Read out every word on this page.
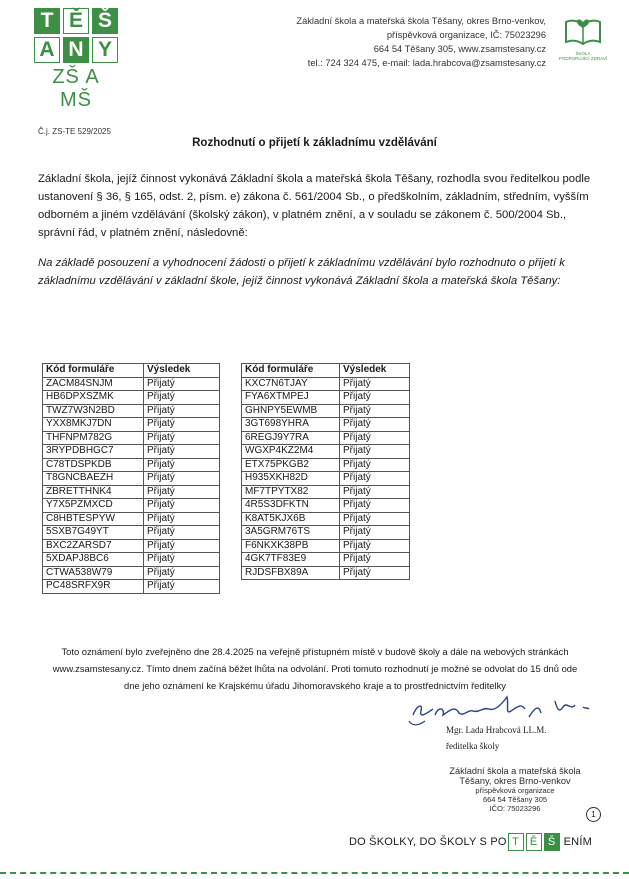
T Ě Š
A N Y
ZŠ A MŠ
Základní škola a mateřská škola Těšany, okres Brno-venkov,
příspěvková organizace, IČ: 75023296
664 54 Těšany 305, www.zsamstesany.cz
tel.: 724 324 475, e-mail: lada.hrabcova@zsamstesany.cz
ŠKOLA
PODPORUJÍCÍ ZDRAVÍ
Č.j. ZS-TE 529/2025
Rozhodnutí o přijetí k základnímu vzdělávání
Základní škola, jejíž činnost vykonává Základní škola a mateřská škola Těšany, rozhodla svou ředitelkou podle ustanovení § 36, § 165, odst. 2, písm. e) zákona č. 561/2004 Sb., o předškolním, základním, středním, vyšším odborném a jiném vzdělávání (školský zákon), v platném znění, a v souladu se zákonem č. 500/2004 Sb., správní řád, v platném znění, následovně:
Na základě posouzení a vyhodnocení žádosti o přijetí k základnímu vzdělávání bylo rozhodnuto o přijetí k základnímu vzdělávání v základní škole, jejíž činnost vykonává Základní škola a mateřská škola Těšany:
Kód formuláře	Výsledek
ZACM84SNJM	Přijatý
HB6DPXSZMK	Přijatý
TWZ7W3N2BD	Přijatý
YXX8MKJ7DN	Přijatý
THFNPM782G	Přijatý
3RYPDBHGC7	Přijatý
C78TDSPKDB	Přijatý
T8GNCBAEZH	Přijatý
ZBRETTHNK4	Přijatý
Y7X5PZMXCD	Přijatý
C8HBTESPYW	Přijatý
5SXB7G49YT	Přijatý
BXC2ZARSD7	Přijatý
5XDAPJ8BC6	Přijatý
CTWA538W79	Přijatý
PC48SRFX9R	Přijatý
Kód formuláře	Výsledek
KXC7N6TJAY	Přijatý
FYA6XTMPEJ	Přijatý
GHNPY5EWMB	Přijatý
3GT698YHRA	Přijatý
6REGJ9Y7RA	Přijatý
WGXP4KZ2M4	Přijatý
ETX75PKGB2	Přijatý
H935XKH82D	Přijatý
MF7TPYTX82	Přijatý
4R5S3DFKTN	Přijatý
K8AT5KJX6B	Přijatý
3A5GRM76TS	Přijatý
F6NKXK38PB	Přijatý
4GK7TF83E9	Přijatý
RJDSFBX89A	Přijatý
Toto oznámení bylo zveřejněno dne 28.4.2025 na veřejně přístupném místě v budově školy a dále na webových stránkách www.zsamstesany.cz. Tímto dnem začíná běžet lhůta na odvolání. Proti tomuto rozhodnutí je možné se odvolat do 15 dnů ode dne jeho oznámení ke Krajskému úřadu Jihomoravského kraje a to prostřednictvím ředitelky
Mgr. Lada Hrabcová LL.M.
ředitelka školy
Základní škola a mateřská škola
Těšany, okres Brno-venkov
příspěvková organizace
664 54 Těšany 305
IČO: 75023296
1
DO ŠKOLKY, DO ŠKOLY S PO T Ě Š ENÍM
